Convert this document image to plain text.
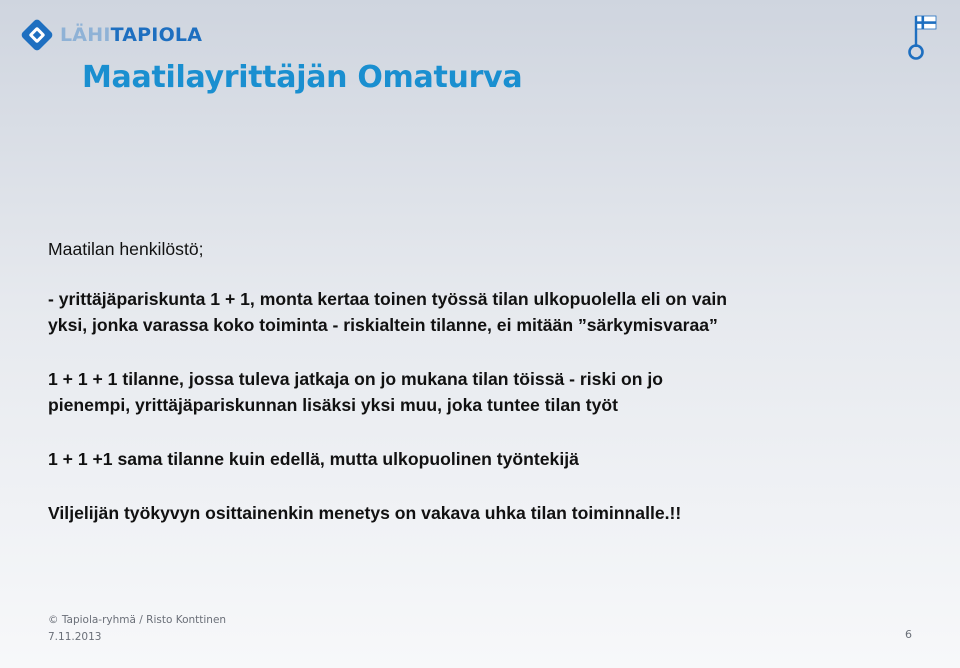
LÄHITAPIOLA
Maatilayrittäjän Omaturva

Maatilan henkilöstö;

- yrittäjäpariskunta 1 + 1, monta kertaa toinen työssä tilan ulkopuolella eli on vain
yksi, jonka varassa koko toiminta - riskialtein tilanne, ei mitään ”särkymisvaraa”

1 + 1 + 1 tilanne, jossa tuleva jatkaja on jo mukana tilan töissä - riski on jo
pienempi, yrittäjäpariskunnan lisäksi yksi muu, joka tuntee tilan työt

1 + 1 +1 sama tilanne kuin edellä, mutta ulkopuolinen työntekijä

Viljelijän työkyvyn osittainenkin menetys on vakava uhka tilan toiminnalle.!!

© Tapiola-ryhmä / Risto Konttinen
7.11.2013	6
